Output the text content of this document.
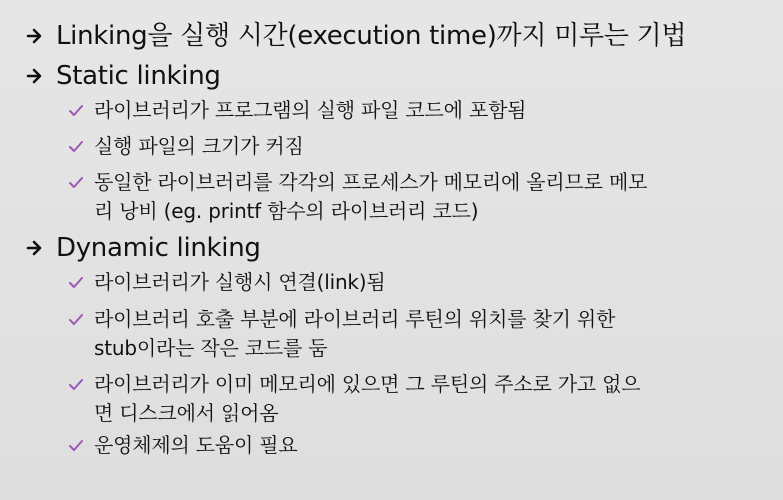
Linking을 실행 시간(execution time)까지 미루는 기법
Static linking
라이브러리가 프로그램의 실행 파일 코드에 포함됨
실행 파일의 크기가 커짐
동일한 라이브러리를 각각의 프로세스가 메모리에 올리므로 메모
리 낭비 (eg. printf 함수의 라이브러리 코드)
Dynamic linking
라이브러리가 실행시 연결(link)됨
라이브러리 호출 부분에 라이브러리 루틴의 위치를 찾기 위한
stub이라는 작은 코드를 둠
라이브러리가 이미 메모리에 있으면 그 루틴의 주소로 가고 없으
면 디스크에서 읽어옴
운영체제의 도움이 필요
